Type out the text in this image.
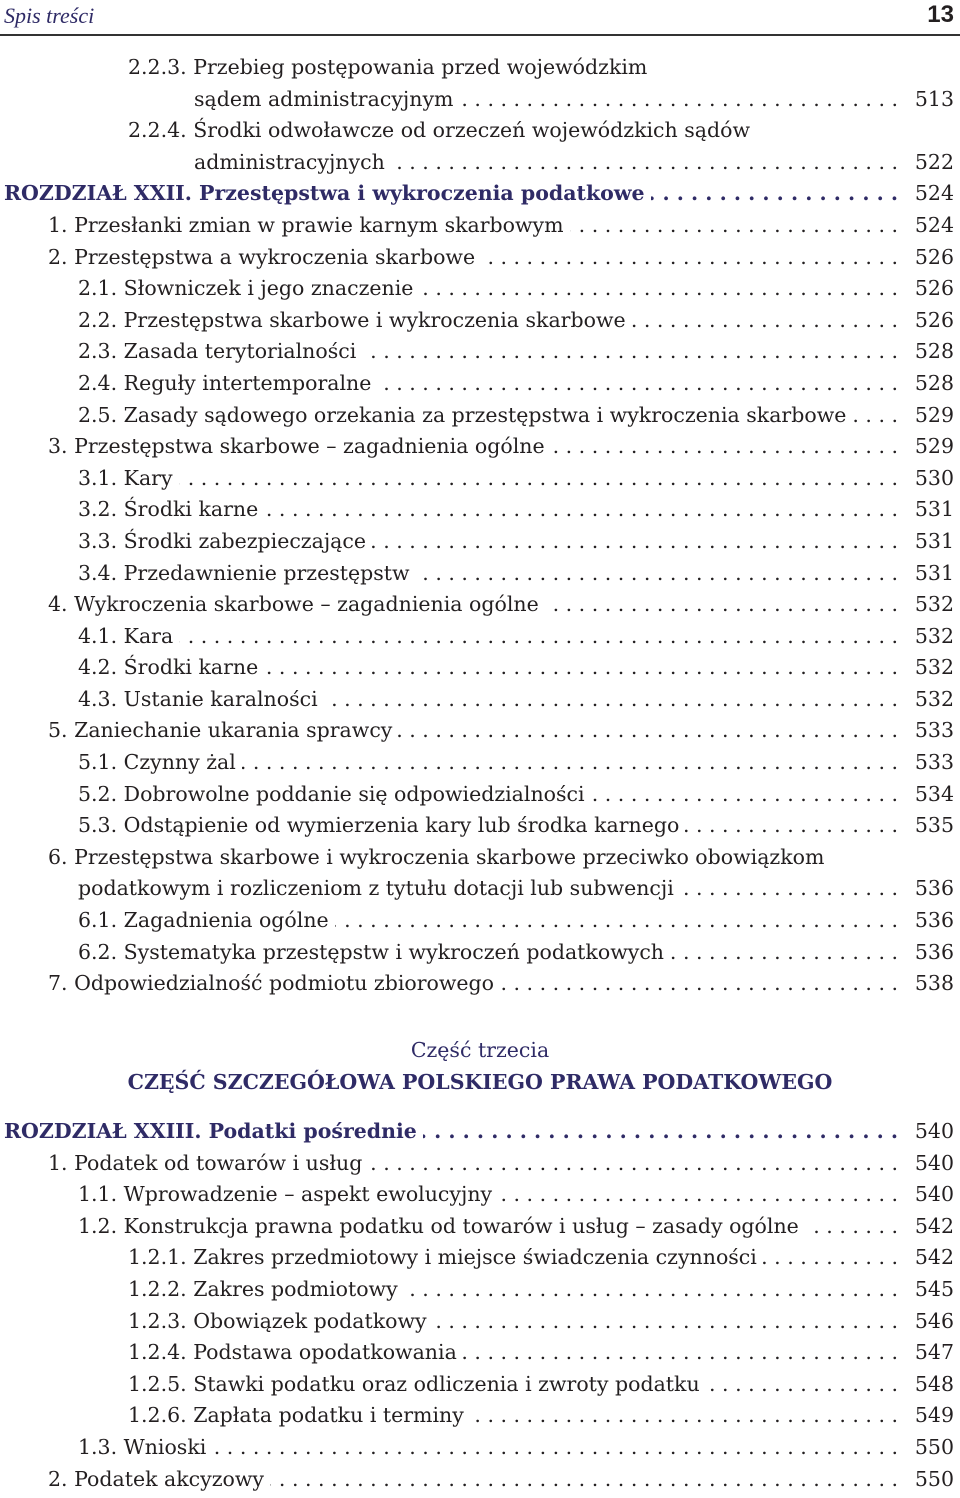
Spis treści	13
2.2.3. Przebieg postępowania przed wojewódzkim
sądem administracyjnym . . .	513
2.2.4. Środki odwoławcze od orzeczeń wojewódzkich sądów
administracyjnych . . .	522
ROZDZIAŁ XXII. Przestępstwa i wykroczenia podatkowe . . .	524
1. Przesłanki zmian w prawie karnym skarbowym . . .	524
2. Przestępstwa a wykroczenia skarbowe . . .	526
2.1. Słowniczek i jego znaczenie . . .	526
2.2. Przestępstwa skarbowe i wykroczenia skarbowe . . .	526
2.3. Zasada terytorialności . . .	528
2.4. Reguły intertemporalne . . .	528
2.5. Zasady sądowego orzekania za przestępstwa i wykroczenia skarbowe . . .	529
3. Przestępstwa skarbowe – zagadnienia ogólne . . .	529
3.1. Kary . . .	530
3.2. Środki karne . . .	531
3.3. Środki zabezpieczające . . .	531
3.4. Przedawnienie przestępstw . . .	531
4. Wykroczenia skarbowe – zagadnienia ogólne . . .	532
4.1. Kara . . .	532
4.2. Środki karne . . .	532
4.3. Ustanie karalności . . .	532
5. Zaniechanie ukarania sprawcy . . .	533
5.1. Czynny żal . . .	533
5.2. Dobrowolne poddanie się odpowiedzialności . . .	534
5.3. Odstąpienie od wymierzenia kary lub środka karnego . . .	535
6. Przestępstwa skarbowe i wykroczenia skarbowe przeciwko obowiązkom
podatkowym i rozliczeniom z tytułu dotacji lub subwencji . . .	536
6.1. Zagadnienia ogólne . . .	536
6.2. Systematyka przestępstw i wykroczeń podatkowych . . .	536
7. Odpowiedzialność podmiotu zbiorowego . . .	538
Część trzecia
CZĘŚĆ SZCZEGÓŁOWA POLSKIEGO PRAWA PODATKOWEGO
ROZDZIAŁ XXIII. Podatki pośrednie . . .	540
1. Podatek od towarów i usług . . .	540
1.1. Wprowadzenie – aspekt ewolucyjny . . .	540
1.2. Konstrukcja prawna podatku od towarów i usług – zasady ogólne . . .	542
1.2.1. Zakres przedmiotowy i miejsce świadczenia czynności . . .	542
1.2.2. Zakres podmiotowy . . .	545
1.2.3. Obowiązek podatkowy . . .	546
1.2.4. Podstawa opodatkowania . . .	547
1.2.5. Stawki podatku oraz odliczenia i zwroty podatku . . .	548
1.2.6. Zapłata podatku i terminy . . .	549
1.3. Wnioski . . .	550
2. Podatek akcyzowy . . .	550
